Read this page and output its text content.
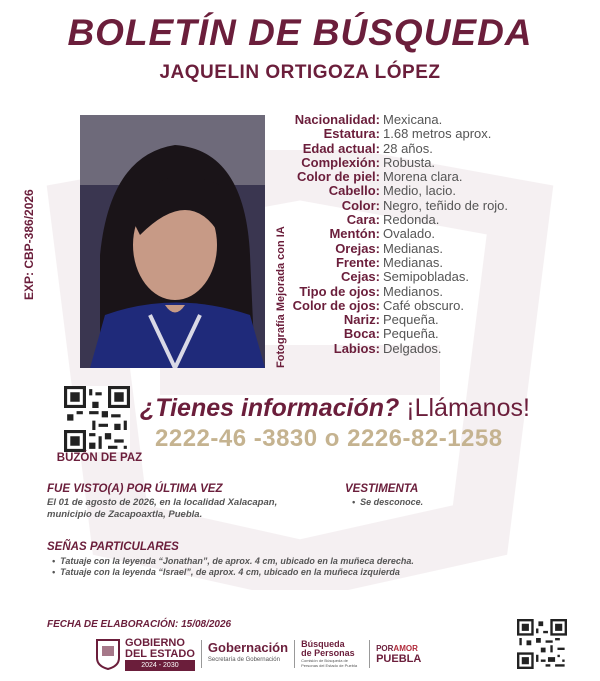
BOLETÍN DE BÚSQUEDA
JAQUELIN ORTIGOZA LÓPEZ
EXP: CBP-386/2026	Fotografía Mejorada con IA
Nacionalidad: Mexicana.
Estatura: 1.68 metros aprox.
Edad actual: 28 años.
Complexión: Robusta.
Color de piel: Morena clara.
Cabello: Medio, lacio.
Color: Negro, teñido de rojo.
Cara: Redonda.
Mentón: Ovalado.
Orejas: Medianas.
Frente: Medianas.
Cejas: Semipobladas.
Tipo de ojos: Medianos.
Color de ojos: Café obscuro.
Nariz: Pequeña.
Boca: Pequeña.
Labios: Delgados.
BUZÓN DE PAZ
¿Tienes información? ¡Llámanos!
2222-46 -3830 o 2226-82-1258
FUE VISTO(A) POR ÚLTIMA VEZ
El 01 de agosto de 2026, en la localidad Xalacapan,
municipio de Zacapoaxtla, Puebla.
VESTIMENTA
• Se desconoce.
SEÑAS PARTICULARES
• Tatuaje con la leyenda “Jonathan”, de aprox. 4 cm, ubicado en la muñeca derecha.
• Tatuaje con la leyenda “Israel”, de aprox. 4 cm, ubicado en la muñeca izquierda
FECHA DE ELABORACIÓN: 15/08/2026
GOBIERNO
DEL ESTADO
2024 - 2030
Gobernación
Secretaría de Gobernación
Búsqueda
de Personas
Comisión de Búsqueda de Personas del Estado de Puebla
PORAMOR
PUEBLA
